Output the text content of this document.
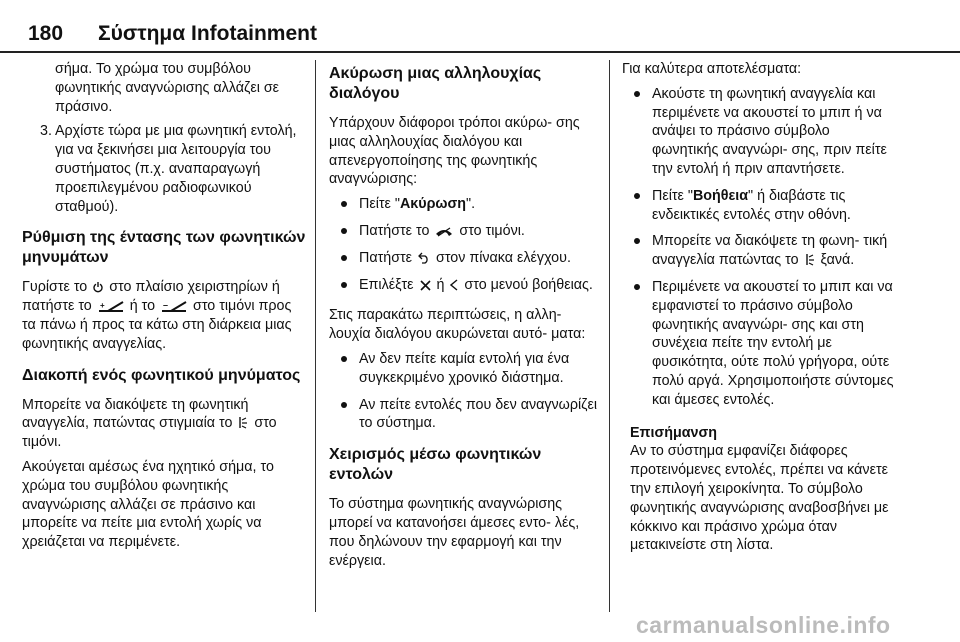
180 Σύστημα Infotainment

σήμα. Το χρώμα του συμβόλου φωνητικής αναγνώρισης αλλάζει σε πράσινο.

3. Αρχίστε τώρα με μια φωνητική εντολή, για να ξεκινήσει μια λειτουργία του συστήματος (π.χ. αναπαραγωγή προεπιλεγμένου ραδιοφωνικού σταθμού).
Ρύθμιση της έντασης των φωνητικών μηνυμάτων

Γυρίστε το στο πλαίσιο χειριστηρίων ή πατήστε το + ή το – στο τιμόνι προς τα πάνω ή προς τα κάτω στη διάρκεια μιας φωνητικής αναγγελίας.

Διακοπή ενός φωνητικού μηνύματος

Μπορείτε να διακόψετε τη φωνητική αναγγελία, πατώντας στιγμιαία το στο τιμόνι.

Ακούγεται αμέσως ένα ηχητικό σήμα, το χρώμα του συμβόλου φωνητικής αναγνώρισης αλλάζει σε πράσινο και μπορείτε να πείτε μια εντολή χωρίς να χρειάζεται να περιμένετε.

Ακύρωση μιας αλληλουχίας διαλόγου

Υπάρχουν διάφοροι τρόποι ακύρω- σης μιας αλληλουχίας διαλόγου και απενεργοποίησης της φωνητικής αναγνώρισης:

Πείτε "Ακύρωση".
Πατήστε το στο τιμόνι.
Πατήστε στον πίνακα ελέγχου.
Επιλέξτε ή στο μενού βοήθειας.

Στις παρακάτω περιπτώσεις, η αλλη- λουχία διαλόγου ακυρώνεται αυτό- ματα:

Αν δεν πείτε καμία εντολή για ένα συγκεκριμένο χρονικό διάστημα.
Αν πείτε εντολές που δεν αναγνωρίζει το σύστημα.
Χειρισμός μέσω φωνητικών εντολών

Το σύστημα φωνητικής αναγνώρισης μπορεί να κατανοήσει άμεσες εντο- λές, που δηλώνουν την εφαρμογή και την ενέργεια.

Για καλύτερα αποτελέσματα:

Ακούστε τη φωνητική αναγγελία και περιμένετε να ακουστεί το μπιπ ή να ανάψει το πράσινο σύμβολο φωνητικής αναγνώρι- σης, πριν πείτε την εντολή ή πριν απαντήσετε.
Πείτε "Βοήθεια" ή διαβάστε τις ενδεικτικές εντολές στην οθόνη.
Μπορείτε να διακόψετε τη φωνη- τική αναγγελία πατώντας το ξανά.
Περιμένετε να ακουστεί το μπιπ και να εμφανιστεί το πράσινο σύμβολο φωνητικής αναγνώρι- σης και στη συνέχεια πείτε την εντολή με φυσικότητα, ούτε πολύ γρήγορα, ούτε πολύ αργά. Χρησιμοποιήστε σύντομες και άμεσες εντολές.
Επισήμανση
Αν το σύστημα εμφανίζει διάφορες προτεινόμενες εντολές, πρέπει να κάνετε την επιλογή χειροκίνητα. Το σύμβολο φωνητικής αναγνώρισης αναβοσβήνει με κόκκινο και πράσινο χρώμα όταν μετακινείστε στη λίστα.
carmanualsonline.info
